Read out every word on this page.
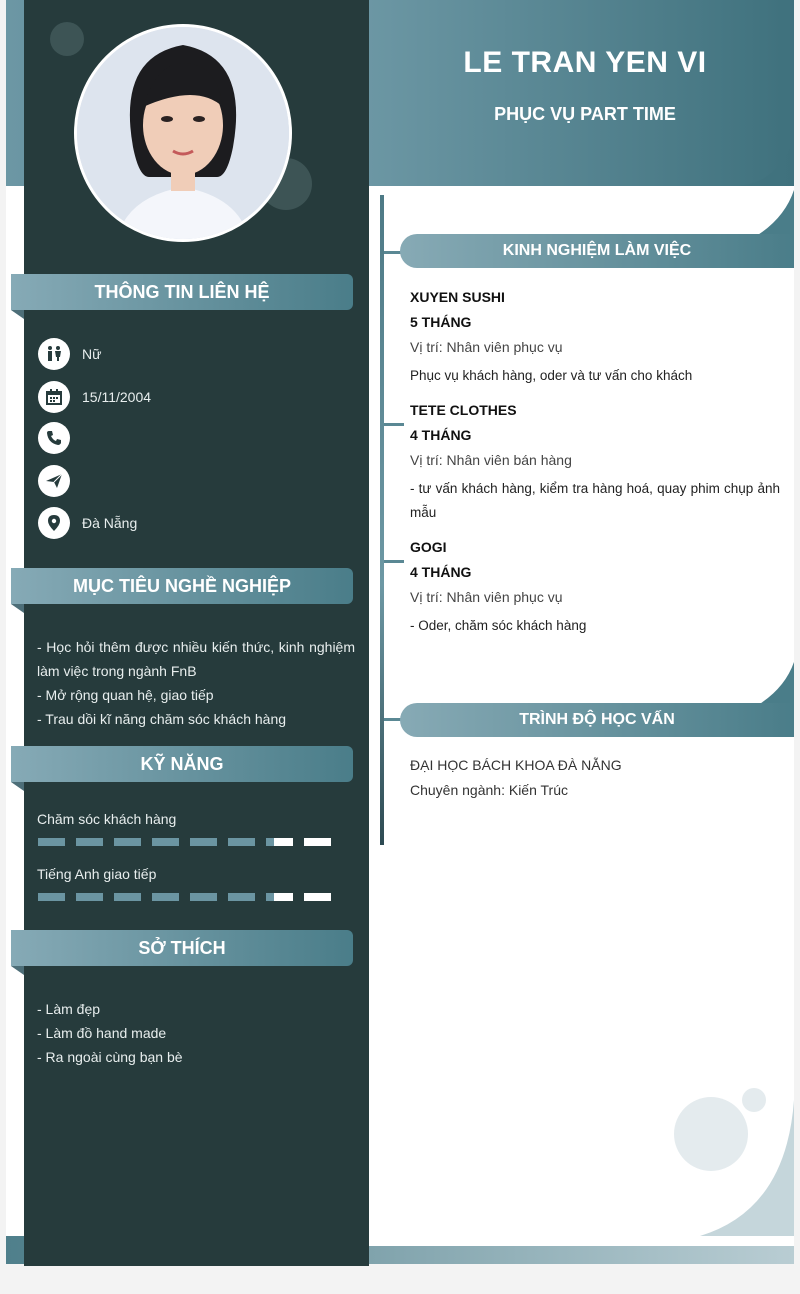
LE TRAN YEN VI
PHỤC VỤ PART TIME
THÔNG TIN LIÊN HỆ
Nữ
15/11/2004
Đà Nẵng
MỤC TIÊU NGHỀ NGHIỆP
- Học hỏi thêm được nhiều kiến thức, kinh nghiệm làm việc trong ngành FnB
- Mở rộng quan hệ, giao tiếp
- Trau dồi kĩ năng chăm sóc khách hàng
KỸ NĂNG
Chăm sóc khách hàng
Tiếng Anh giao tiếp
SỞ THÍCH
- Làm đẹp
- Làm đồ hand made
- Ra ngoài cùng bạn bè
KINH NGHIỆM LÀM VIỆC
XUYEN SUSHI
5 THÁNG
Vị trí: Nhân viên phục vụ
Phục vụ khách hàng, oder và tư vấn cho khách
TETE CLOTHES
4 THÁNG
Vị trí: Nhân viên bán hàng
- tư vấn khách hàng, kiểm tra hàng hoá, quay phim chụp ảnh mẫu
GOGI
4 THÁNG
Vị trí: Nhân viên phục vụ
- Oder, chăm sóc khách hàng
TRÌNH ĐỘ HỌC VẤN
ĐẠI HỌC BÁCH KHOA ĐÀ NẴNG
Chuyên ngành: Kiến Trúc
